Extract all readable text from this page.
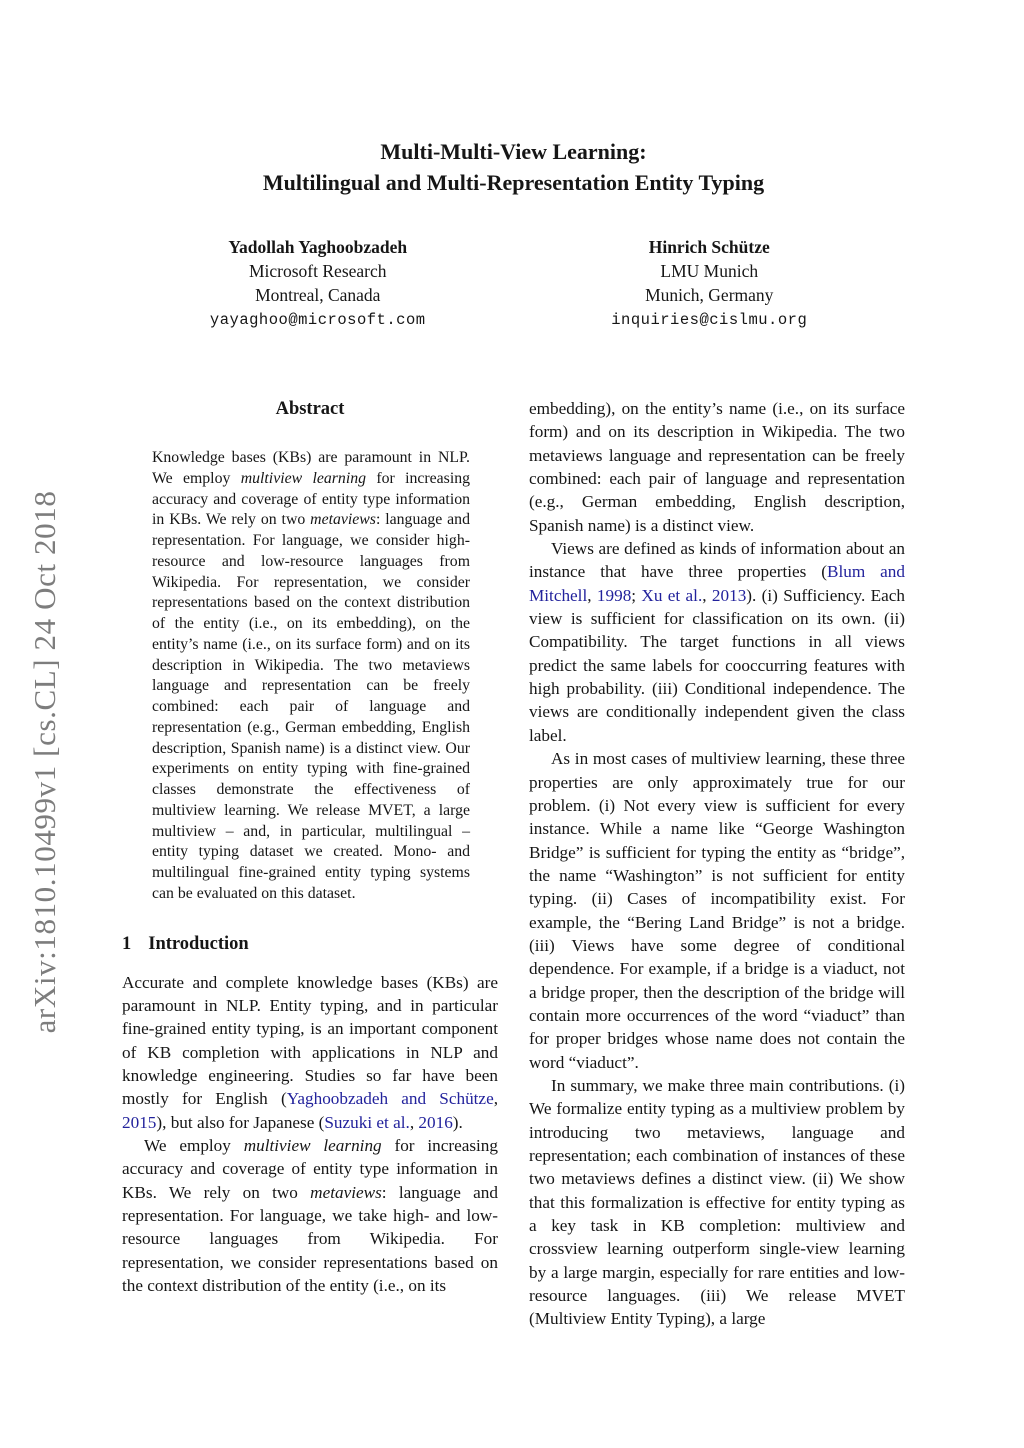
arXiv:1810.10499v1 [cs.CL] 24 Oct 2018
Multi-Multi-View Learning:
Multilingual and Multi-Representation Entity Typing
Yadollah Yaghoobzadeh
Microsoft Research
Montreal, Canada
yayaghoo@microsoft.com
Hinrich Schütze
LMU Munich
Munich, Germany
inquiries@cislmu.org
Abstract

Knowledge bases (KBs) are paramount in NLP. We employ multiview learning for increasing accuracy and coverage of entity type information in KBs. We rely on two metaviews: language and representation. For language, we consider high-resource and low-resource languages from Wikipedia. For representation, we consider representations based on the context distribution of the entity (i.e., on its embedding), on the entity’s name (i.e., on its surface form) and on its description in Wikipedia. The two metaviews language and representation can be freely combined: each pair of language and representation (e.g., German embedding, English description, Spanish name) is a distinct view. Our experiments on entity typing with fine-grained classes demonstrate the effectiveness of multiview learning. We release MVET, a large multiview – and, in particular, multilingual – entity typing dataset we created. Mono- and multilingual fine-grained entity typing systems can be evaluated on this dataset.

1 Introduction

Accurate and complete knowledge bases (KBs) are paramount in NLP. Entity typing, and in particular fine-grained entity typing, is an important component of KB completion with applications in NLP and knowledge engineering. Studies so far have been mostly for English (Yaghoobzadeh and Schütze, 2015), but also for Japanese (Suzuki et al., 2016).

We employ multiview learning for increasing accuracy and coverage of entity type information in KBs. We rely on two metaviews: language and representation. For language, we take high- and low-resource languages from Wikipedia. For representation, we consider representations based on the context distribution of the entity (i.e., on its

embedding), on the entity’s name (i.e., on its surface form) and on its description in Wikipedia. The two metaviews language and representation can be freely combined: each pair of language and representation (e.g., German embedding, English description, Spanish name) is a distinct view.

Views are defined as kinds of information about an instance that have three properties (Blum and Mitchell, 1998; Xu et al., 2013). (i) Sufficiency. Each view is sufficient for classification on its own. (ii) Compatibility. The target functions in all views predict the same labels for cooccurring features with high probability. (iii) Conditional independence. The views are conditionally independent given the class label.

As in most cases of multiview learning, these three properties are only approximately true for our problem. (i) Not every view is sufficient for every instance. While a name like “George Washington Bridge” is sufficient for typing the entity as “bridge”, the name “Washington” is not sufficient for entity typing. (ii) Cases of incompatibility exist. For example, the “Bering Land Bridge” is not a bridge. (iii) Views have some degree of conditional dependence. For example, if a bridge is a viaduct, not a bridge proper, then the description of the bridge will contain more occurrences of the word “viaduct” than for proper bridges whose name does not contain the word “viaduct”.

In summary, we make three main contributions. (i) We formalize entity typing as a multiview problem by introducing two metaviews, language and representation; each combination of instances of these two metaviews defines a distinct view. (ii) We show that this formalization is effective for entity typing as a key task in KB completion: multiview and crossview learning outperform single-view learning by a large margin, especially for rare entities and low-resource languages. (iii) We release MVET (Multiview Entity Typing), a large
